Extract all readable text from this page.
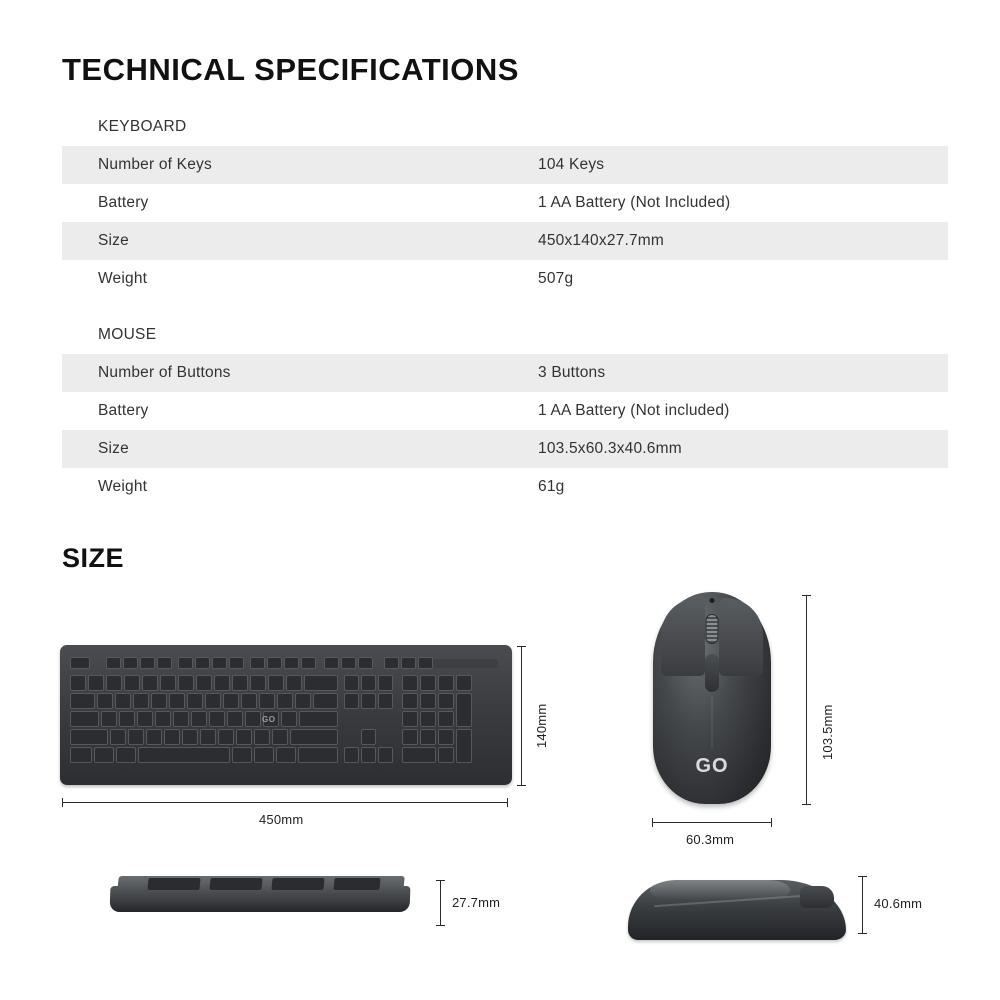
TECHNICAL SPECIFICATIONS
KEYBOARD
Number of Keys	104 Keys
Battery	1 AA Battery (Not Included)
Size	450x140x27.7mm
Weight	507g
MOUSE
Number of Buttons	3 Buttons
Battery	1 AA Battery (Not included)
Size	103.5x60.3x40.6mm
Weight	61g
SIZE
GO
450mm
140mm
27.7mm
GO
103.5mm
60.3mm
40.6mm
